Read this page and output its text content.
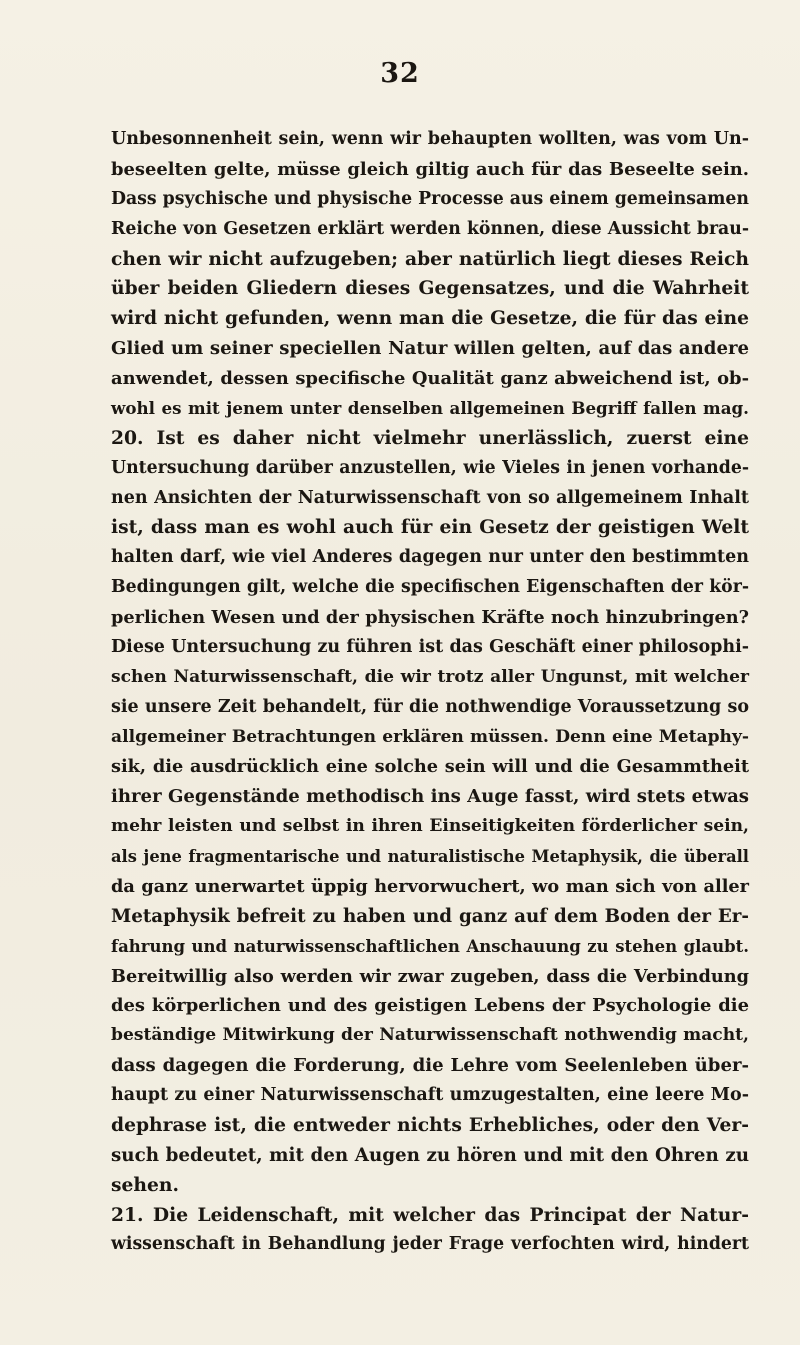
32
Unbesonnenheit sein, wenn wir behaupten wollten, was vom Un-
beseelten gelte, müsse gleich giltig auch für das Beseelte sein.
Dass psychische und physische Processe aus einem gemeinsamen
Reiche von Gesetzen erklärt werden können, diese Aussicht brau-
chen wir nicht aufzugeben; aber natürlich liegt dieses Reich
über beiden Gliedern dieses Gegensatzes, und die Wahrheit
wird nicht gefunden, wenn man die Gesetze, die für das eine
Glied um seiner speciellen Natur willen gelten, auf das andere
anwendet, dessen specifische Qualität ganz abweichend ist, ob-
wohl es mit jenem unter denselben allgemeinen Begriff fallen mag.
20. Ist es daher nicht vielmehr unerlässlich, zuerst eine
Untersuchung darüber anzustellen, wie Vieles in jenen vorhande-
nen Ansichten der Naturwissenschaft von so allgemeinem Inhalt
ist, dass man es wohl auch für ein Gesetz der geistigen Welt
halten darf, wie viel Anderes dagegen nur unter den bestimmten
Bedingungen gilt, welche die specifischen Eigenschaften der kör-
perlichen Wesen und der physischen Kräfte noch hinzubringen?
Diese Untersuchung zu führen ist das Geschäft einer philosophi-
schen Naturwissenschaft, die wir trotz aller Ungunst, mit welcher
sie unsere Zeit behandelt, für die nothwendige Voraussetzung so
allgemeiner Betrachtungen erklären müssen. Denn eine Metaphy-
sik, die ausdrücklich eine solche sein will und die Gesammtheit
ihrer Gegenstände methodisch ins Auge fasst, wird stets etwas
mehr leisten und selbst in ihren Einseitigkeiten förderlicher sein,
als jene fragmentarische und naturalistische Metaphysik, die überall
da ganz unerwartet üppig hervorwuchert, wo man sich von aller
Metaphysik befreit zu haben und ganz auf dem Boden der Er-
fahrung und naturwissenschaftlichen Anschauung zu stehen glaubt.
Bereitwillig also werden wir zwar zugeben, dass die Verbindung
des körperlichen und des geistigen Lebens der Psychologie die
beständige Mitwirkung der Naturwissenschaft nothwendig macht,
dass dagegen die Forderung, die Lehre vom Seelenleben über-
haupt zu einer Naturwissenschaft umzugestalten, eine leere Mo-
dephrase ist, die entweder nichts Erhebliches, oder den Ver-
such bedeutet, mit den Augen zu hören und mit den Ohren zu
sehen.
21. Die Leidenschaft, mit welcher das Principat der Natur-
wissenschaft in Behandlung jeder Frage verfochten wird, hindert
